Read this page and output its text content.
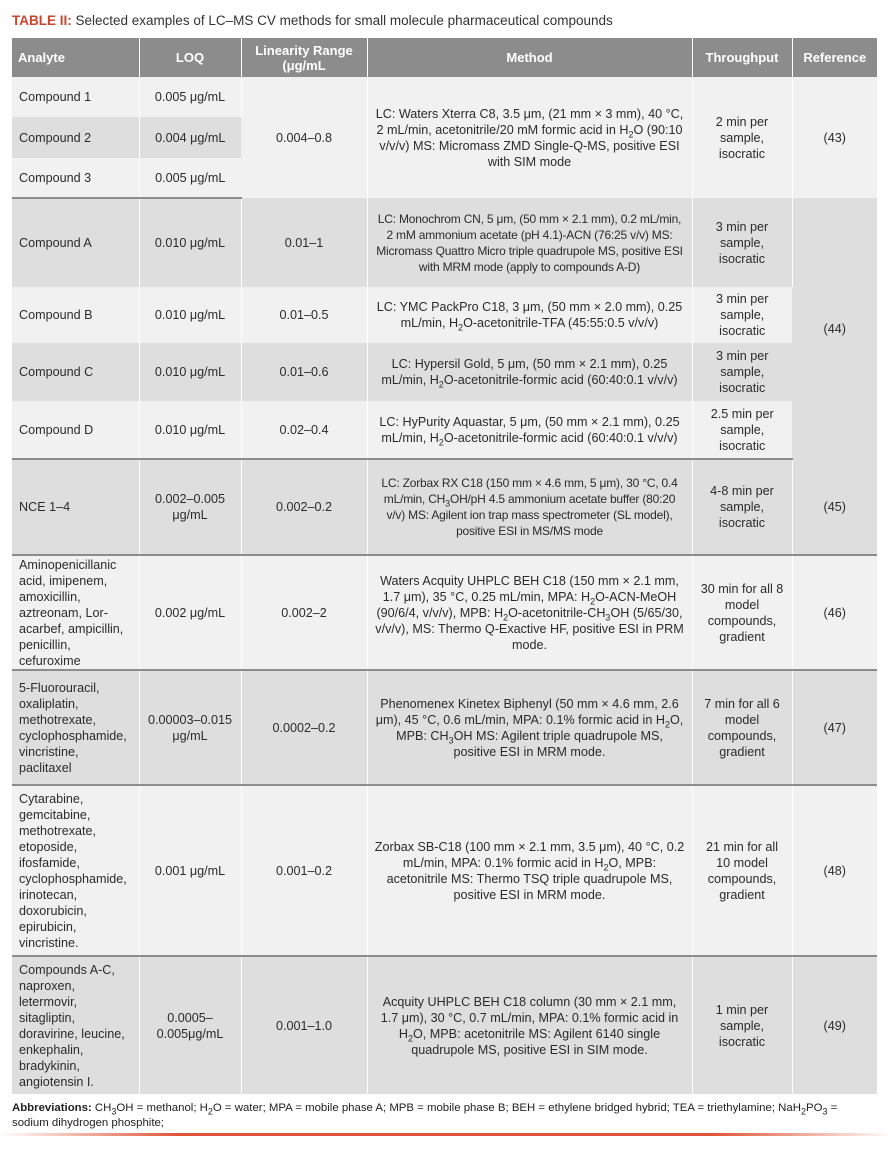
TABLE II: Selected examples of LC–MS CV methods for small molecule pharmaceutical compounds
Analyte	LOQ	Linearity Range (μg/mL	Method	Throughput	Reference
Compound 1	0.005 μg/mL	0.004–0.8	LC: Waters Xterra C8, 3.5 μm, (21 mm × 3 mm), 40 °C, 2 mL/min, acetonitrile/20 mM formic acid in $H_2O$ (90:10 v/v/v) MS: Micromass ZMD Single-Q-MS, positive ESI with SIM mode	2 min per sample, isocratic	(43)
Compound 2	0.004 μg/mL				
Compound 3	0.005 μg/mL				
Compound A	0.010 μg/mL	0.01–1	LC: Monochrom CN, 5 μm, (50 mm × 2.1 mm), 0.2 mL/min, 2 mM ammonium acetate (pH 4.1)-ACN (76:25 v/v) MS: Micromass Quattro Micro triple quadrupole MS, positive ESI with MRM mode (apply to compounds A-D)	3 min per sample, isocratic	(44)
Compound B	0.010 μg/mL	0.01–0.5	LC: YMC PackPro C18, 3 μm, (50 mm × 2.0 mm), 0.25 mL/min, $H_2O-acetonitrile$-TFA (45:55:0.5 v/v/v)	3 min per sample, isocratic	
Compound C	0.010 μg/mL	0.01–0.6	LC: Hypersil Gold, 5 μm, (50 mm × 2.1 mm), 0.25 mL/min, $H_2O-acetonitrile$-formic acid (60:40:0.1 v/v/v)	3 min per sample, isocratic	
Compound D	0.010 μg/mL	0.02–0.4	LC: HyPurity Aquastar, 5 μm, (50 mm × 2.1 mm), 0.25 mL/min, $H_2O-acetonitrile$-formic acid (60:40:0.1 v/v/v)	2.5 min per sample, isocratic	
NCE 1–4	0.002–0.005 μg/mL	0.002–0.2	LC: Zorbax RX C18 (150 mm × 4.6 mm, 5 μm), 30 °C, 0.4 mL/min, $CH_3OH/pH$ 4.5 ammonium acetate buffer (80:20 v/v) MS: Agilent ion trap mass spectrometer (SL model), positive ESI in MS/MS mode	4-8 min per sample, isocratic	(45)
Aminopenicillanic acid, imipenem, amoxicillin, aztreonam, Lor- acarbef, ampicillin, penicillin, cefuroxime	0.002 μg/mL	0.002–2	Waters Acquity UHPLC BEH C18 (150 mm × 2.1 mm, 1.7 μm), 35 °C, 0.25 mL/min, MPA: $H_2O-ACN$-MeOH (90/6/4, v/v/v), MPB: $H_2O-acetonitrile-CH_3OH$ (5/65/30, v/v/v), MS: Thermo Q-Exactive HF, positive ESI in PRM mode.	30 min for all 8 model compounds, gradient	(46)
5-Fluorouracil, oxaliplatin, methotrexate, cyclophosphamide, vincristine, paclitaxel	0.00003–0.015 μg/mL	0.0002–0.2	Phenomenex Kinetex Biphenyl (50 mm × 4.6 mm, 2.6 μm), 45 °C, 0.6 mL/min, MPA: 0.1% formic acid in $H_2O$, MPB: $CH_3OH$ MS: Agilent triple quadrupole MS, positive ESI in MRM mode.	7 min for all 6 model compounds, gradient	(47)
Cytarabine, gemcitabine, methotrexate, etoposide, ifosfamide, cyclophosphamide, irinotecan, doxorubicin, epirubicin, vincristine.	0.001 μg/mL	0.001–0.2	Zorbax SB-C18 (100 mm × 2.1 mm, 3.5 μm), 40 °C, 0.2 mL/min, MPA: 0.1% formic acid in $H_2O$, MPB: acetonitrile MS: Thermo TSQ triple quadrupole MS, positive ESI in MRM mode.	21 min for all 10 model compounds, gradient	(48)
Compounds A-C, naproxen, letermovir, sitagliptin, doravirine, leucine, enkephalin, bradykinin, angiotensin I.	0.0005– 0.005μg/mL	0.001–1.0	Acquity UHPLC BEH C18 column (30 mm × 2.1 mm, 1.7 μm), 30 °C, 0.7 mL/min, MPA: 0.1% formic acid in $H_2O$, MPB: acetonitrile MS: Agilent 6140 single quadrupole MS, positive ESI in SIM mode.	1 min per sample, isocratic	(49)
Abbreviations: $CH_3OH$ = methanol; $H_2O$ = water; MPA = mobile phase A; MPB = mobile phase B; BEH = ethylene bridged hybrid; TEA = triethylamine; $NaH_2PO_3$ = sodium dihydrogen phosphite;
